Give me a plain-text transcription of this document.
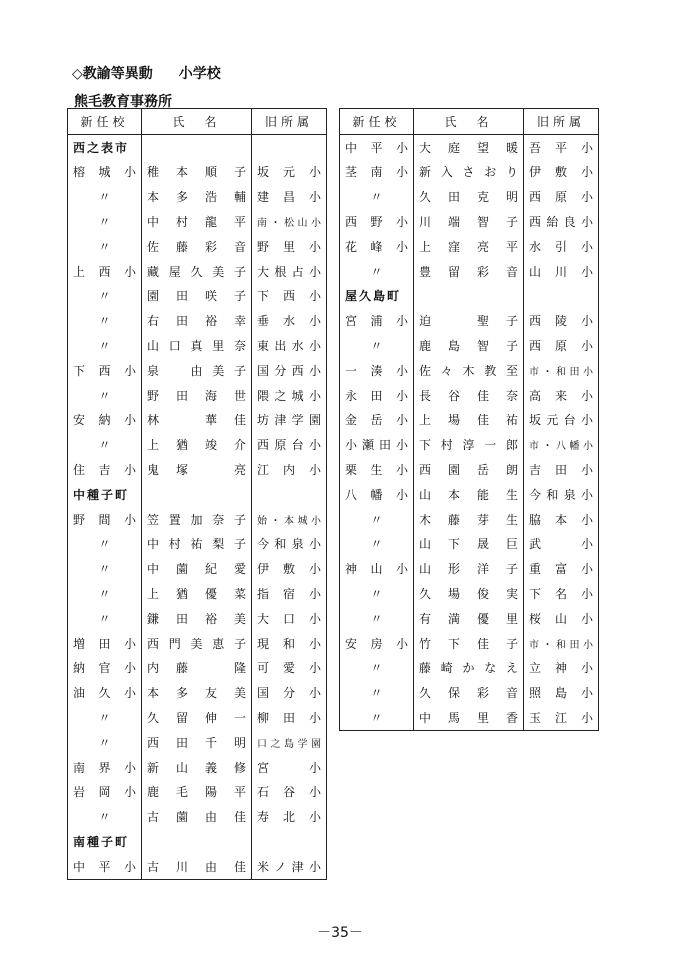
◇教諭等異動 小学校
熊毛教育事務所
新任校	氏　名	旧所属
西之表市		
榕城小	稚本順子	坂元小
〃	本多浩輔	建昌小
〃	中村龍平	南・松山小
〃	佐藤彩音	野里小
上西小	藏屋久美子	大根占小
〃	園田咲子	下西小
〃	右田裕幸	垂水小
〃	山口真里奈	東出水小
下西小	泉　由美子	国分西小
〃	野田海世	隈之城小
安納小	林　華佳	坊津学園
〃	上猶竣介	西原台小
住吉小	鬼塚　亮	江内小
中種子町		
野間小	笠置加奈子	始・本城小
〃	中村祐梨子	今和泉小
〃	中薗紀愛	伊敷小
〃	上猶優菜	指宿小
〃	鎌田裕美	大口小
増田小	西門美恵子	現和小
納官小	内藤　隆	可愛小
油久小	本多友美	国分小
〃	久留伸一	柳田小
〃	西田千明	口之島学園
南界小	新山義修	宮　小
岩岡小	鹿毛陽平	石谷小
〃	古薗由佳	寿北小
南種子町		
中平小	古川由佳	米ノ津小
新任校	氏　名	旧所属
中平小	大庭望暖	吾平小
茎南小	新入さおり	伊敷小
〃	久田克明	西原小
西野小	川端智子	西紿良小
花峰小	上窪亮平	水引小
〃	豊留彩音	山川小
屋久島町		
宮浦小	迫　聖子	西陵小
〃	鹿島智子	西原小
一湊小	佐々木教至	市・和田小
永田小	長谷佳奈	高来小
金岳小	上場佳祐	坂元台小
小瀬田小	下村淳一郎	市・八幡小
栗生小	西園岳朗	吉田小
八幡小	山本能生	今和泉小
〃	木藤芽生	脇本小
〃	山下晟巨	武　小
神山小	山形洋子	重富小
〃	久場俊実	下名小
〃	有満優里	桜山小
安房小	竹下佳子	市・和田小
〃	藤崎かなえ	立神小
〃	久保彩音	照島小
〃	中馬里香	玉江小
－35－
